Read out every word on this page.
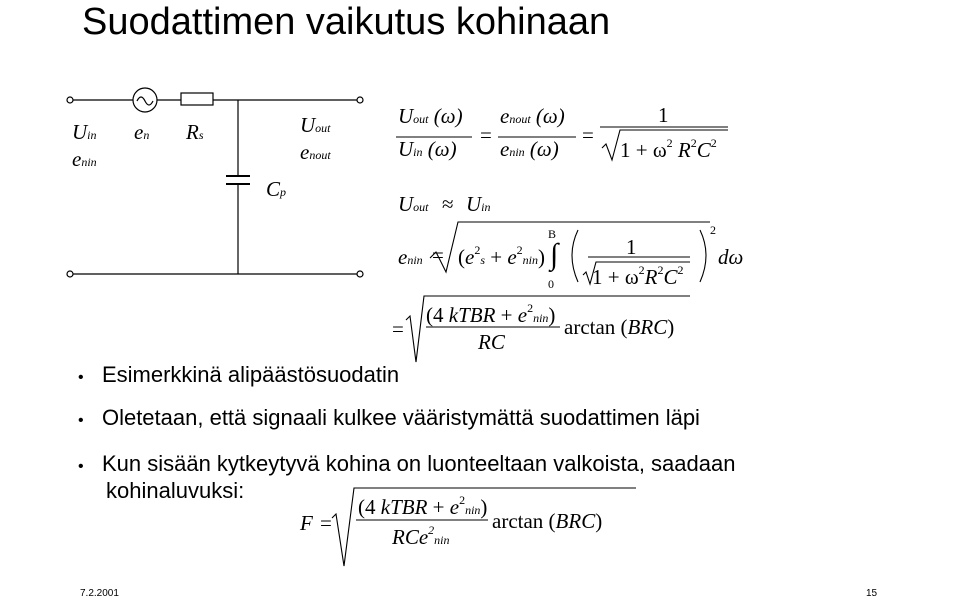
Suodattimen vaikutus kohinaan
Uin
enin
en Rs	Uout
enout
Cp
Uout (ω)
Uin (ω)
=
enout (ω)
enin (ω)
=
1
$1 + \omega^2$ $R^2C^2$
Uout ≈ Uin
enin = $(e^2s + e^2nin)$
B
∫
0
1
$1 + \omega^2R^2C^2$
2
dω
=
(4 kTBR + $e^2nin$)
RC
arctan (BRC)
• Esimerkkinä alipäästösuodatin
• Oletetaan, että signaali kulkee vääristymättä suodattimen läpi
• Kun sisään kytkeytyvä kohina on luonteeltaan valkoista, saadaan
kohinaluvuksi:
F =
(4 kTBR + $e^2nin$)
RCe$^2$nin
arctan (BRC)
7.2.2001	15
